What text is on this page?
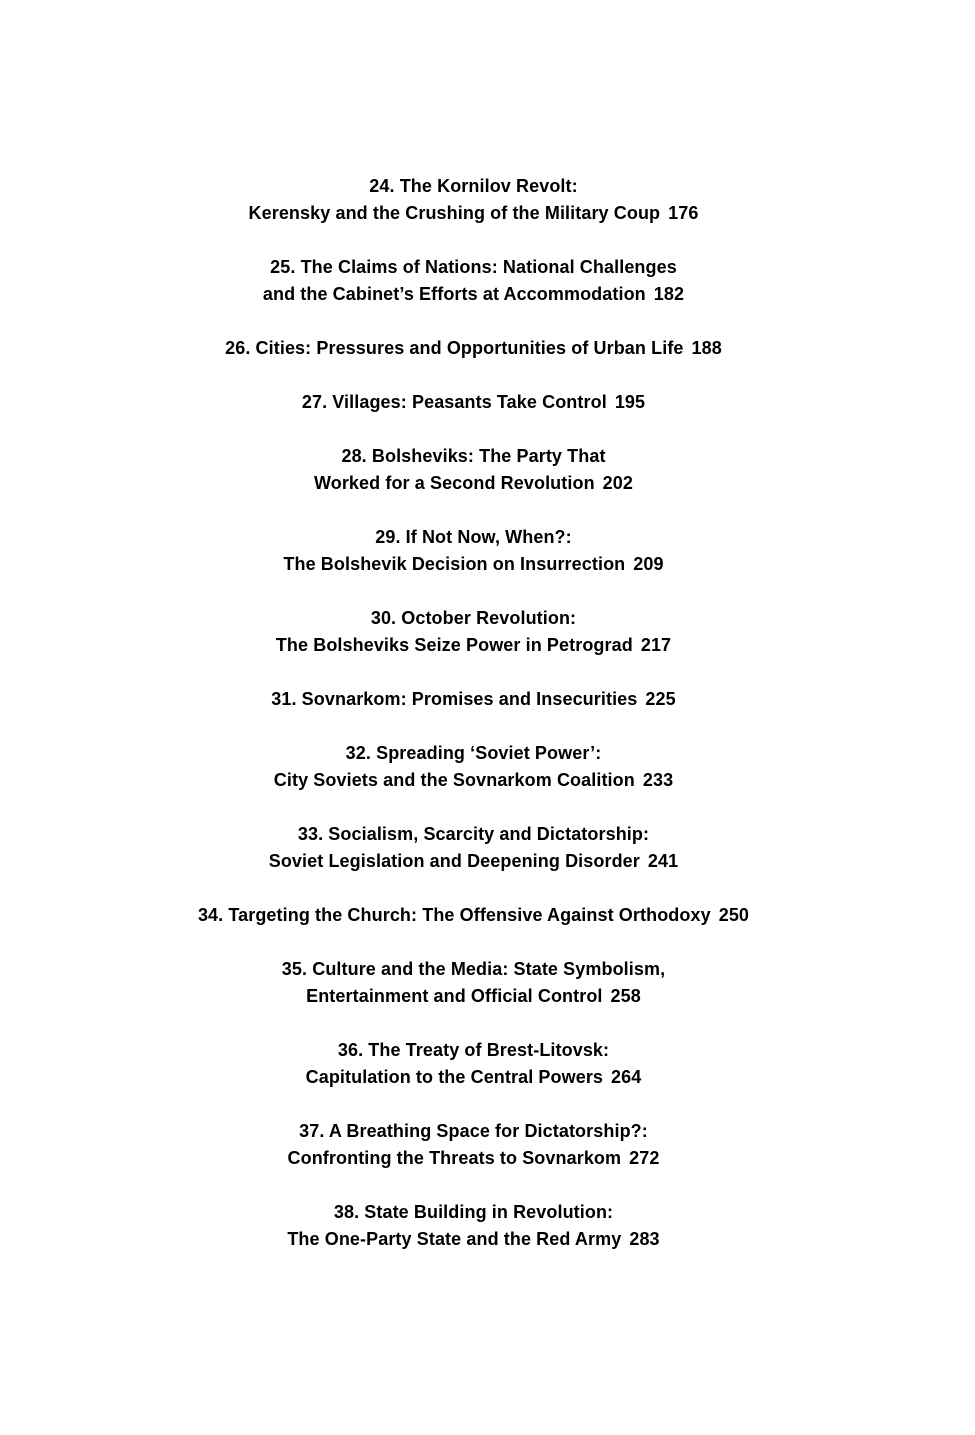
24. The Kornilov Revolt:
Kerensky and the Crushing of the Military Coup 176
25. The Claims of Nations: National Challenges
and the Cabinet’s Efforts at Accommodation 182
26. Cities: Pressures and Opportunities of Urban Life 188
27. Villages: Peasants Take Control 195
28. Bolsheviks: The Party That
Worked for a Second Revolution 202
29. If Not Now, When?:
The Bolshevik Decision on Insurrection 209
30. October Revolution:
The Bolsheviks Seize Power in Petrograd 217
31. Sovnarkom: Promises and Insecurities 225
32. Spreading ‘Soviet Power’:
City Soviets and the Sovnarkom Coalition 233
33. Socialism, Scarcity and Dictatorship:
Soviet Legislation and Deepening Disorder 241
34. Targeting the Church: The Offensive Against Orthodoxy 250
35. Culture and the Media: State Symbolism,
Entertainment and Official Control 258
36. The Treaty of Brest-Litovsk:
Capitulation to the Central Powers 264
37. A Breathing Space for Dictatorship?:
Confronting the Threats to Sovnarkom 272
38. State Building in Revolution:
The One-Party State and the Red Army 283
